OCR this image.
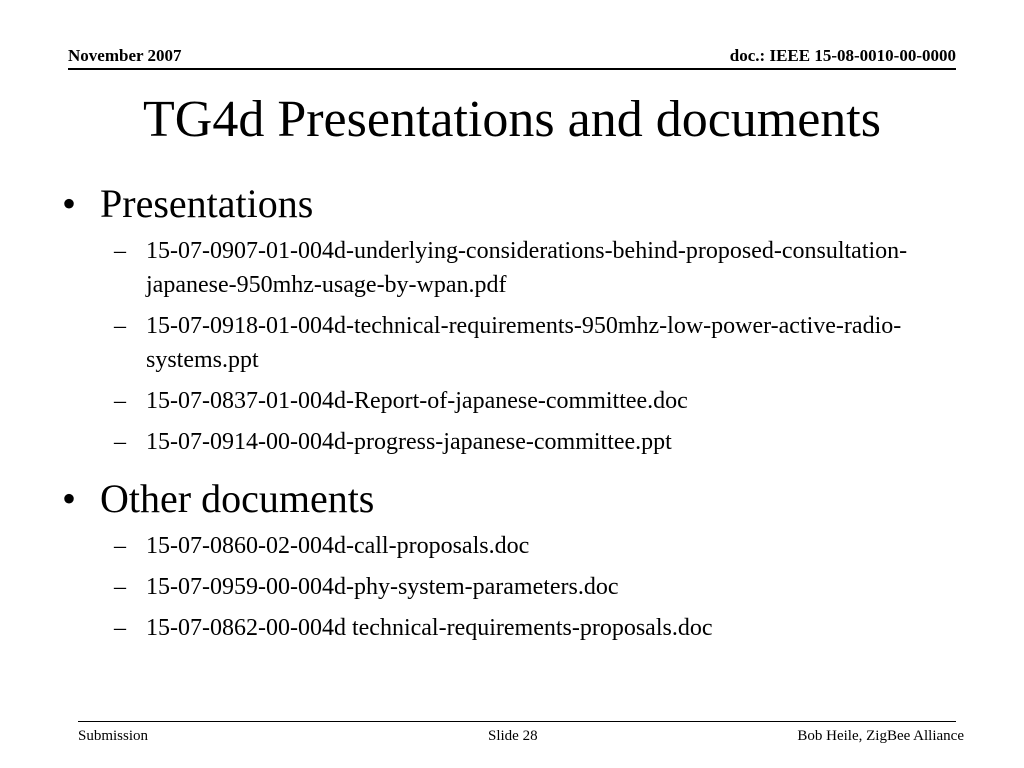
November 2007	doc.: IEEE 15-08-0010-00-0000
TG4d Presentations and documents
• Presentations
– 15-07-0907-01-004d-underlying-considerations-behind-proposed-consultation-japanese-950mhz-usage-by-wpan.pdf
– 15-07-0918-01-004d-technical-requirements-950mhz-low-power-active-radio-systems.ppt
– 15-07-0837-01-004d-Report-of-japanese-committee.doc
– 15-07-0914-00-004d-progress-japanese-committee.ppt
• Other documents
– 15-07-0860-02-004d-call-proposals.doc
– 15-07-0959-00-004d-phy-system-parameters.doc
– 15-07-0862-00-004d technical-requirements-proposals.doc
Submission	Slide 28	Bob Heile, ZigBee Alliance
